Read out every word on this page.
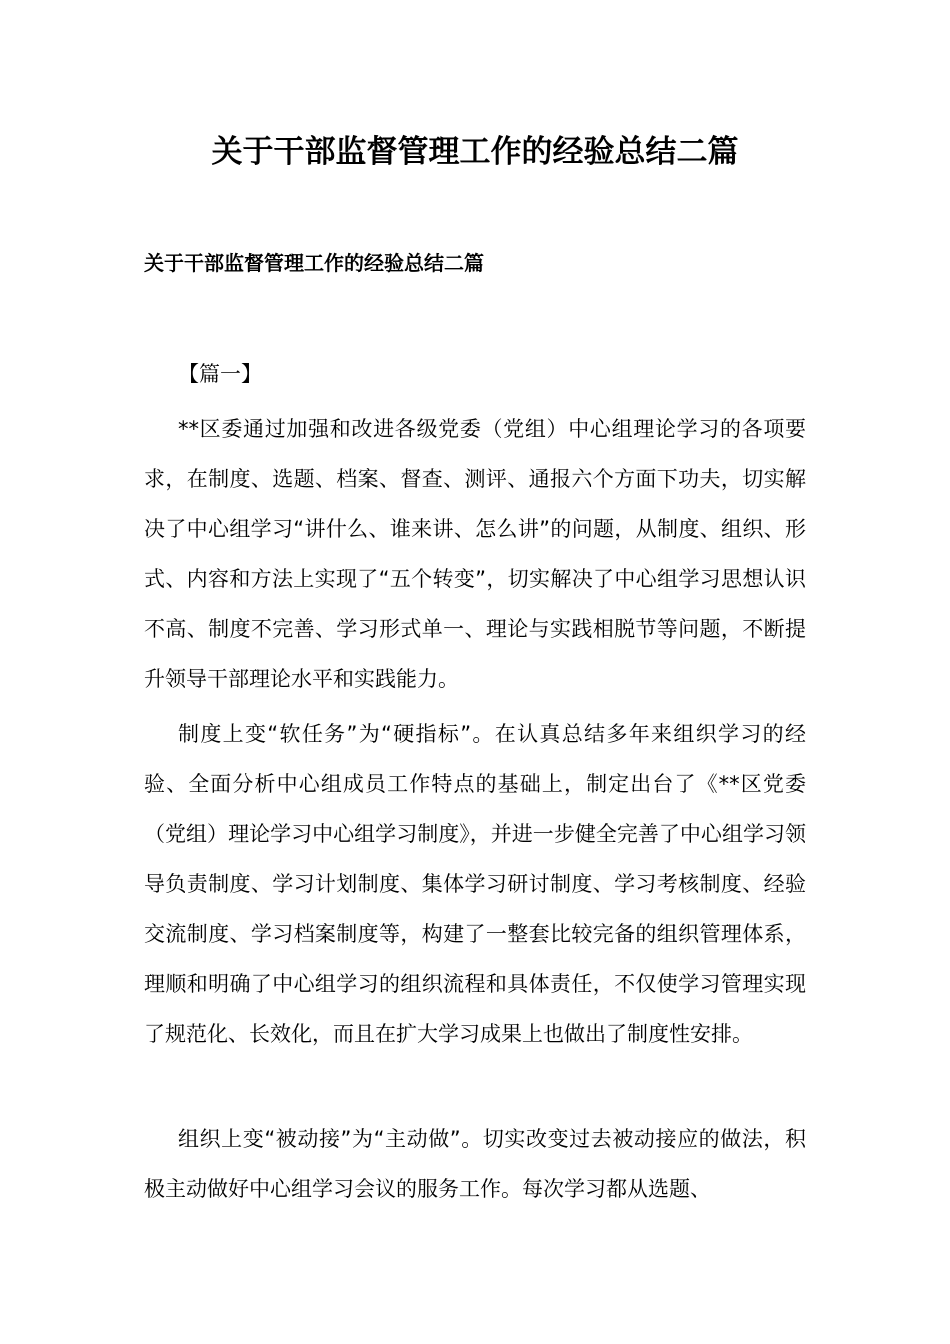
关于干部监督管理工作的经验总结二篇
关于干部监督管理工作的经验总结二篇

【篇一】

**区委通过加强和改进各级党委（党组）中心组理论学习的各项要求，在制度、选题、档案、督查、测评、通报六个方面下功夫，切实解决了中心组学习“讲什么、谁来讲、怎么讲”的问题，从制度、组织、形式、内容和方法上实现了“五个转变”，切实解决了中心组学习思想认识不高、制度不完善、学习形式单一、理论与实践相脱节等问题，不断提升领导干部理论水平和实践能力。

制度上变“软任务”为“硬指标”。在认真总结多年来组织学习的经验、全面分析中心组成员工作特点的基础上，制定出台了《**区党委（党组）理论学习中心组学习制度》，并进一步健全完善了中心组学习领导负责制度、学习计划制度、集体学习研讨制度、学习考核制度、经验交流制度、学习档案制度等，构建了一整套比较完备的组织管理体系，理顺和明确了中心组学习的组织流程和具体责任，不仅使学习管理实现了规范化、长效化，而且在扩大学习成果上也做出了制度性安排。

组织上变“被动接”为“主动做”。切实改变过去被动接应的做法，积极主动做好中心组学习会议的服务工作。每次学习都从选题、
